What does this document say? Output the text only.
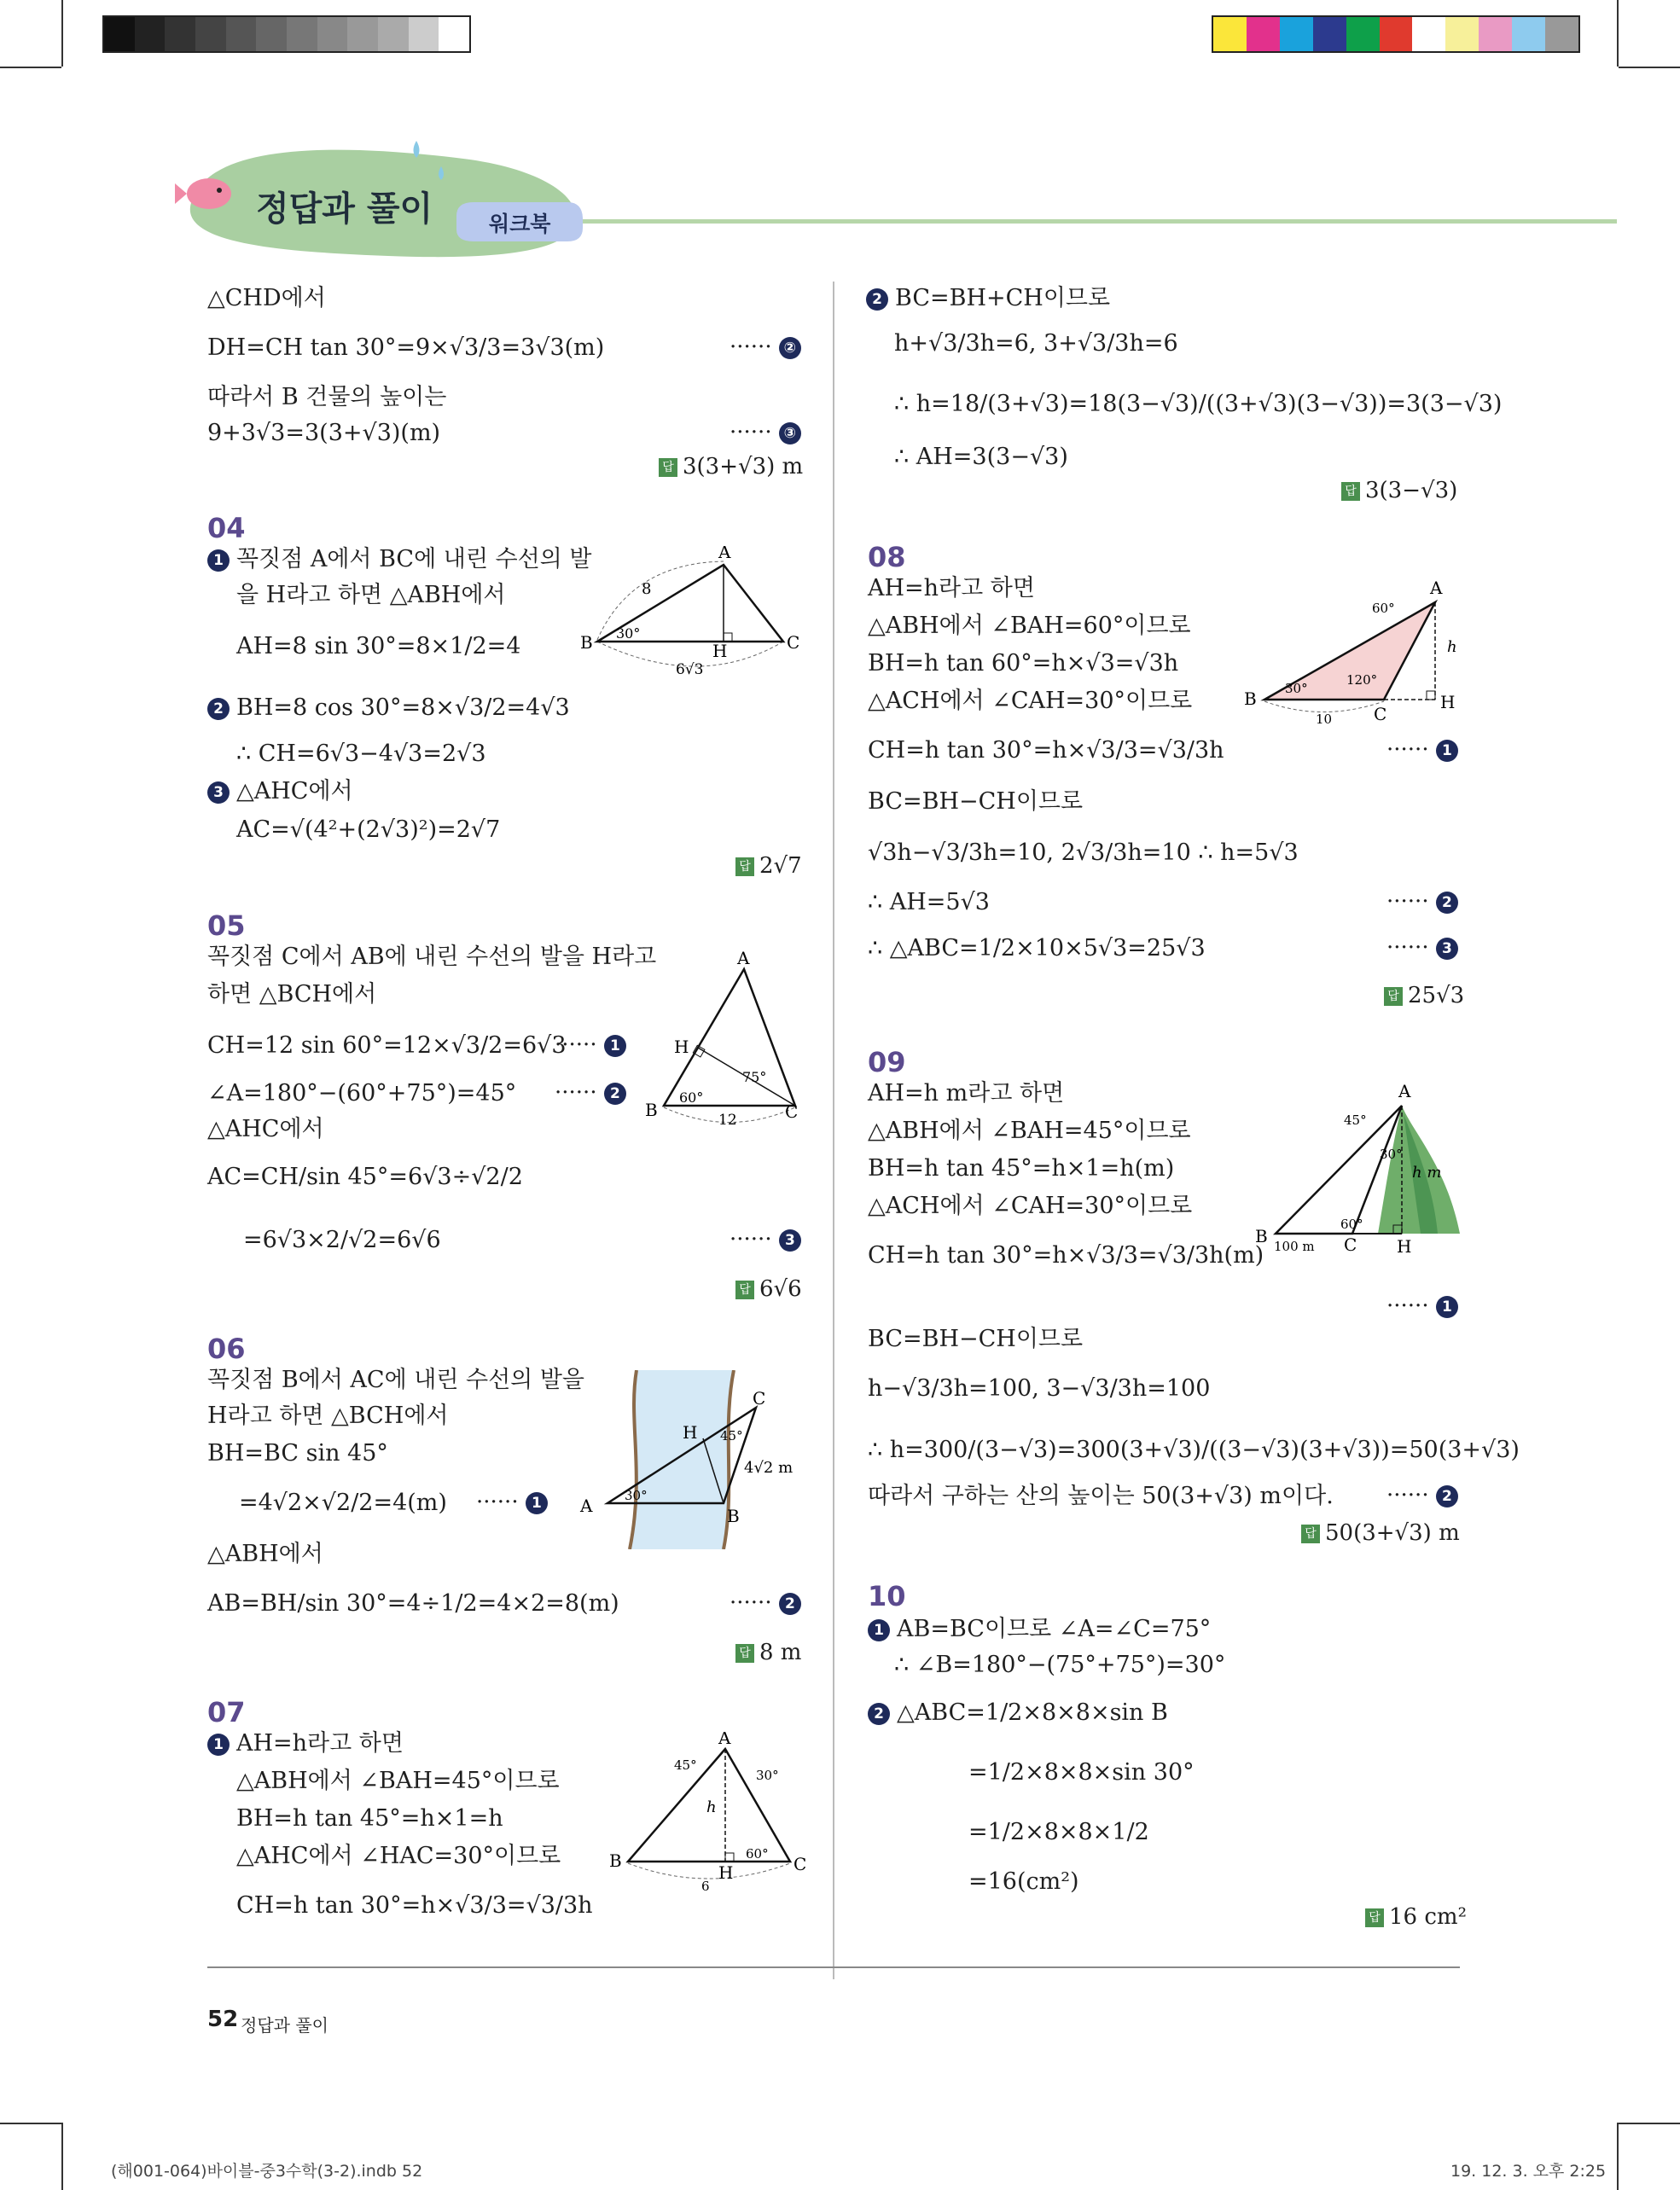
정답과 풀이	워크북
△CHD에서
DH=CH tan 30°=9×√3/3=3√3(m)	······ ②
따라서 B 건물의 높이는
9+3√3=3(3+√3)(m)	······ ③
답 3(3+√3) m
04
1 꼭짓점 A에서 BC에 내린 수선의 발
을 H라고 하면 △ABH에서
AH=8 sin 30°=8×1/2=4
2 BH=8 cos 30°=8×√3/2=4√3
∴ CH=6√3−4√3=2√3
3 △AHC에서
AC=√(4²+(2√3)²)=2√7
답 2√7
A
B	C
H
8
30°
6√3
05
꼭짓점 C에서 AB에 내린 수선의 발을 H라고
하면 △BCH에서
CH=12 sin 60°=12×√3/2=6√3
······ 1
∠A=180°−(60°+75°)=45° ······ 2
△AHC에서
AC=CH/sin 45°=6√3÷√2/2
=6√3×2/√2=6√6	······ 3
답 6√6
A
H
B	C
60°
75°
12
06
꼭짓점 B에서 AC에 내린 수선의 발을
H라고 하면 △BCH에서
BH=BC sin 45°
=4√2×√2/2=4(m) ······ 1
△ABH에서
AB=BH/sin 30°=4÷1/2=4×2=8(m)	······ 2
답 8 m
C
H
A	B
45°
30°
4√2 m
07
1 AH=h라고 하면
△ABH에서 ∠BAH=45°이므로
BH=h tan 45°=h×1=h
△AHC에서 ∠HAC=30°이므로
CH=h tan 30°=h×√3/3=√3/3h
A
B
H	C
45°
30°
60°
h
6
2 BC=BH+CH이므로
h+√3/3h=6, 3+√3/3h=6
∴ h=18/(3+√3)=18(3−√3)/((3+√3)(3−√3))=3(3−√3)
∴ AH=3(3−√3)
답 3(3−√3)
08
AH=h라고 하면
△ABH에서 ∠BAH=60°이므로
BH=h tan 60°=h×√3=√3h
△ACH에서 ∠CAH=30°이므로
CH=h tan 30°=h×√3/3=√3/3h	······ 1
BC=BH−CH이므로
√3h−√3/3h=10, 2√3/3h=10 ∴ h=5√3
∴ AH=5√3	······ 2
∴ △ABC=1/2×10×5√3=25√3	······ 3
답 25√3
A
B
C
H
60°
30°
120°
h
10
09
AH=h m라고 하면
△ABH에서 ∠BAH=45°이므로
BH=h tan 45°=h×1=h(m)
△ACH에서 ∠CAH=30°이므로
CH=h tan 30°=h×√3/3=√3/3h(m)
······ 1
BC=BH−CH이므로
h−√3/3h=100, 3−√3/3h=100
∴ h=300/(3−√3)=300(3+√3)/((3−√3)(3+√3))=50(3+√3)
따라서 구하는 산의 높이는 50(3+√3) m이다. ······ 2
답 50(3+√3) m
A
B	C H
45°
30°
60°
h m
100 m
10
1 AB=BC이므로 ∠A=∠C=75°
∴ ∠B=180°−(75°+75°)=30°
2 △ABC=1/2×8×8×sin B
=1/2×8×8×sin 30°
=1/2×8×8×1/2
=16(cm²)
답 16 cm²
52 정답과 풀이
(해001-064)바이블-중3수학(3-2).indb 52	19. 12. 3. 오후 2:25
